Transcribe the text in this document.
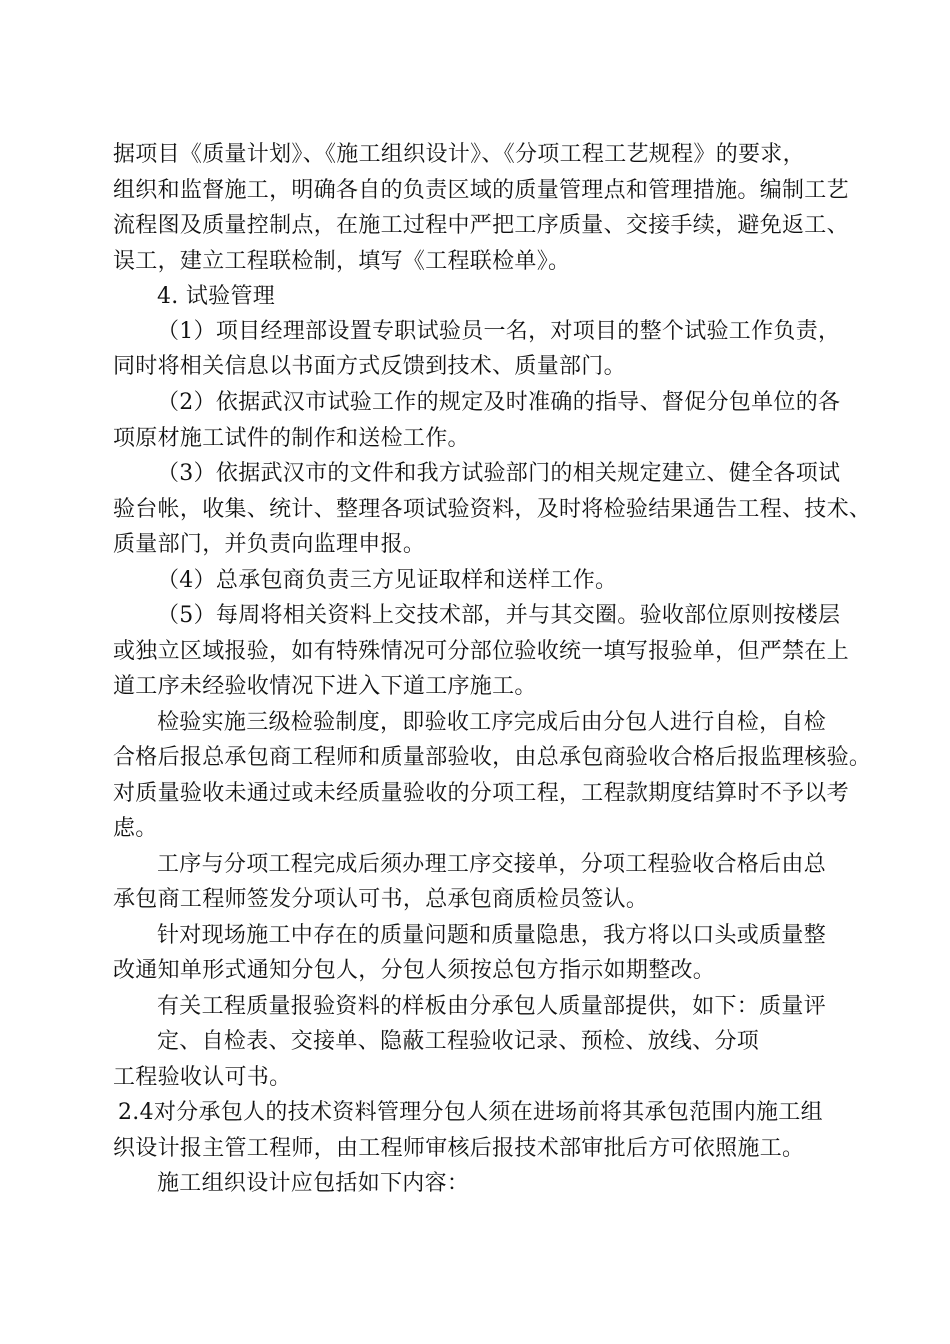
据项目《质量计划》、《施工组织设计》、《分项工程工艺规程》的要求，
组织和监督施工，明确各自的负责区域的质量管理点和管理措施。编制工艺
流程图及质量控制点，在施工过程中严把工序质量、交接手续，避免返工、
误工，建立工程联检制，填写《工程联检单》。
4. 试验管理
（1）项目经理部设置专职试验员一名，对项目的整个试验工作负责，
同时将相关信息以书面方式反馈到技术、质量部门。
（2）依据武汉市试验工作的规定及时准确的指导、督促分包单位的各
项原材施工试件的制作和送检工作。
（3）依据武汉市的文件和我方试验部门的相关规定建立、健全各项试
验台帐，收集、统计、整理各项试验资料，及时将检验结果通告工程、技术、
质量部门，并负责向监理申报。
（4）总承包商负责三方见证取样和送样工作。
（5）每周将相关资料上交技术部，并与其交圈。验收部位原则按楼层
或独立区域报验，如有特殊情况可分部位验收统一填写报验单，但严禁在上
道工序未经验收情况下进入下道工序施工。
检验实施三级检验制度，即验收工序完成后由分包人进行自检，自检
合格后报总承包商工程师和质量部验收，由总承包商验收合格后报监理核验。
对质量验收未通过或未经质量验收的分项工程，工程款期度结算时不予以考
虑。
工序与分项工程完成后须办理工序交接单，分项工程验收合格后由总
承包商工程师签发分项认可书，总承包商质检员签认。
针对现场施工中存在的质量问题和质量隐患，我方将以口头或质量整
改通知单形式通知分包人，分包人须按总包方指示如期整改。
有关工程质量报验资料的样板由分承包人质量部提供，如下：质量评
定、自检表、交接单、隐蔽工程验收记录、预检、放线、分项
工程验收认可书。
2.4对分承包人的技术资料管理分包人须在进场前将其承包范围内施工组
织设计报主管工程师，由工程师审核后报技术部审批后方可依照施工。
施工组织设计应包括如下内容：
